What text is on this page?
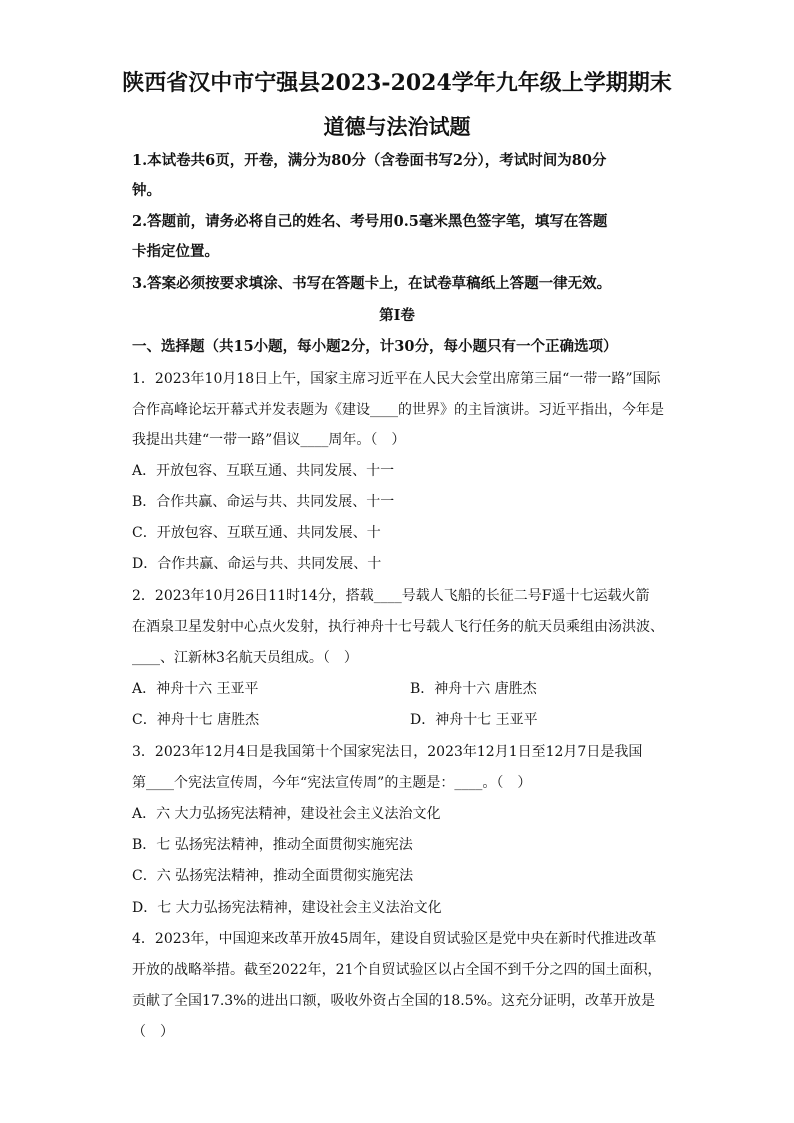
陕西省汉中市宁强县2023-2024学年九年级上学期期末
道德与法治试题
1.本试卷共6页，开卷，满分为80分（含卷面书写2分），考试时间为80分
钟。
2.答题前，请务必将自己的姓名、考号用0.5毫米黑色签字笔，填写在答题
卡指定位置。
3.答案必须按要求填涂、书写在答题卡上，在试卷草稿纸上答题一律无效。
第Ⅰ卷
一、选择题（共15小题，每小题2分，计30分，每小题只有一个正确选项）
1．2023年10月18日上午，国家主席习近平在人民大会堂出席第三届“一带一路”国际
合作高峰论坛开幕式并发表题为《建设____的世界》的主旨演讲。习近平指出，今年是
我提出共建“一带一路”倡议____周年。（　）
A．开放包容、互联互通、共同发展、十一
B．合作共赢、命运与共、共同发展、十一
C．开放包容、互联互通、共同发展、十
D．合作共赢、命运与共、共同发展、十
2．2023年10月26日11时14分，搭载____号载人飞船的长征二号F遥十七运载火箭
在酒泉卫星发射中心点火发射，执行神舟十七号载人飞行任务的航天员乘组由汤洪波、
____、江新林3名航天员组成。（　）
A．神舟十六 王亚平	B．神舟十六 唐胜杰
C．神舟十七 唐胜杰	D．神舟十七 王亚平
3．2023年12月4日是我国第十个国家宪法日，2023年12月1日至12月7日是我国
第____个宪法宣传周，今年“宪法宣传周”的主题是：____。（　）
A．六 大力弘扬宪法精神，建设社会主义法治文化
B．七 弘扬宪法精神，推动全面贯彻实施宪法
C．六 弘扬宪法精神，推动全面贯彻实施宪法
D．七 大力弘扬宪法精神，建设社会主义法治文化
4．2023年，中国迎来改革开放45周年，建设自贸试验区是党中央在新时代推进改革
开放的战略举措。截至2022年，21个自贸试验区以占全国不到千分之四的国土面积，
贡献了全国17.3%的进出口额，吸收外资占全国的18.5%。这充分证明，改革开放是
（　）
